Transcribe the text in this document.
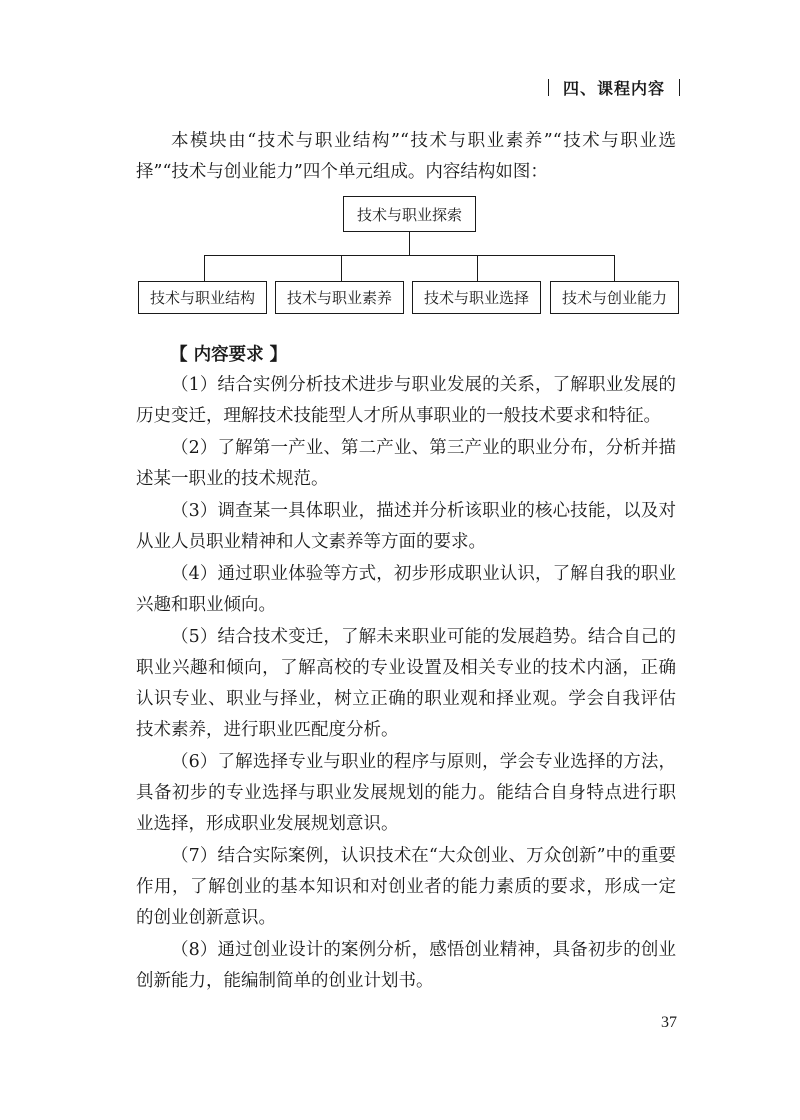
四、课程内容

本模块由“技术与职业结构”“技术与职业素养”“技术与职业选择”“技术与创业能力”四个单元组成。内容结构如图：

技术与职业探索
技术与职业结构	技术与职业素养	技术与职业选择	技术与创业能力
【 内容要求 】

（1）结合实例分析技术进步与职业发展的关系，了解职业发展的历史变迁，理解技术技能型人才所从事职业的一般技术要求和特征。

（2）了解第一产业、第二产业、第三产业的职业分布，分析并描述某一职业的技术规范。

（3）调查某一具体职业，描述并分析该职业的核心技能，以及对从业人员职业精神和人文素养等方面的要求。

（4）通过职业体验等方式，初步形成职业认识，了解自我的职业兴趣和职业倾向。

（5）结合技术变迁，了解未来职业可能的发展趋势。结合自己的职业兴趣和倾向，了解高校的专业设置及相关专业的技术内涵，正确认识专业、职业与择业，树立正确的职业观和择业观。学会自我评估技术素养，进行职业匹配度分析。

（6）了解选择专业与职业的程序与原则，学会专业选择的方法，具备初步的专业选择与职业发展规划的能力。能结合自身特点进行职业选择，形成职业发展规划意识。

（7）结合实际案例，认识技术在“大众创业、万众创新”中的重要作用，了解创业的基本知识和对创业者的能力素质的要求，形成一定的创业创新意识。

（8）通过创业设计的案例分析，感悟创业精神，具备初步的创业创新能力，能编制简单的创业计划书。

37
